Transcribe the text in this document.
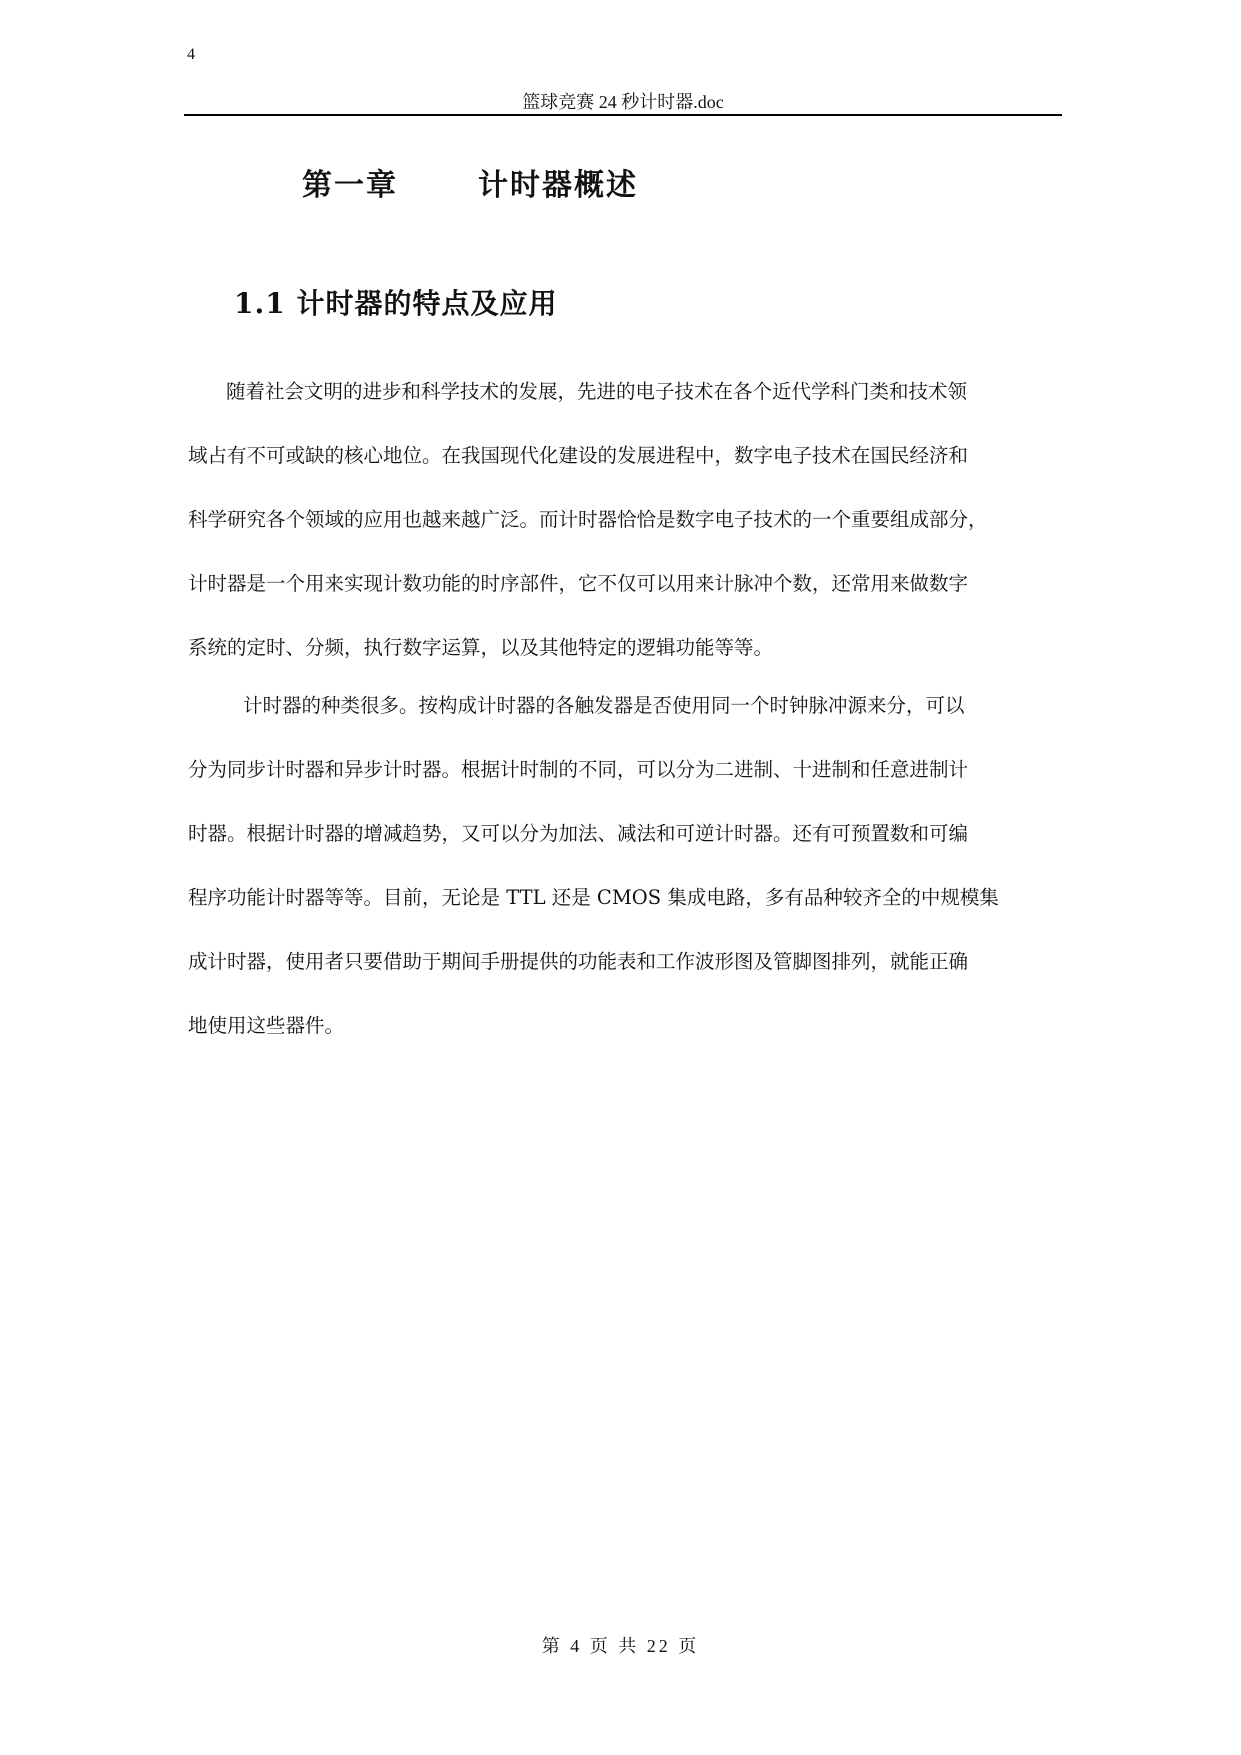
4
篮球竞赛 24 秒计时器.doc
第一章	计时器概述
1.1 计时器的特点及应用
随着社会文明的进步和科学技术的发展，先进的电子技术在各个近代学科门类和技术领
域占有不可或缺的核心地位。在我国现代化建设的发展进程中，数字电子技术在国民经济和
科学研究各个领域的应用也越来越广泛。而计时器恰恰是数字电子技术的一个重要组成部分，
计时器是一个用来实现计数功能的时序部件，它不仅可以用来计脉冲个数，还常用来做数字
系统的定时、分频，执行数字运算，以及其他特定的逻辑功能等等。
计时器的种类很多。按构成计时器的各触发器是否使用同一个时钟脉冲源来分，可以
分为同步计时器和异步计时器。根据计时制的不同，可以分为二进制、十进制和任意进制计
时器。根据计时器的增减趋势，又可以分为加法、减法和可逆计时器。还有可预置数和可编
程序功能计时器等等。目前，无论是 TTL 还是 CMOS 集成电路，多有品种较齐全的中规模集
成计时器，使用者只要借助于期间手册提供的功能表和工作波形图及管脚图排列，就能正确
地使用这些器件。
第 4 页 共 22 页
